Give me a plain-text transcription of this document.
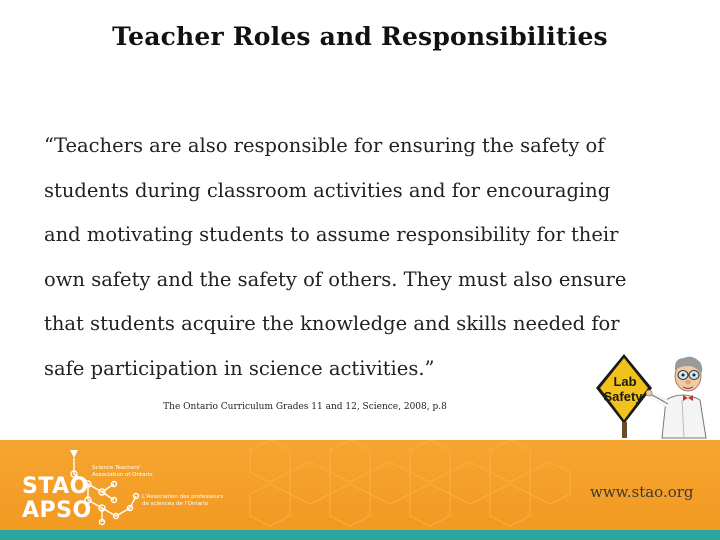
Teacher Roles and Responsibilities
“Teachers are also responsible for ensuring the safety of
students during classroom activities and for encouraging
and motivating students to assume responsibility for their
own safety and the safety of others. They must also ensure
that students acquire the knowledge and skills needed for
safe participation in science activities.”
The Ontario Curriculum Grades 11 and 12, Science, 2008, p.8
Lab
Safety
STAO
APSO
Science Teachers'
Association of Ontario
L'Association des professeurs
de sciences de l'Ontario
www.stao.org
